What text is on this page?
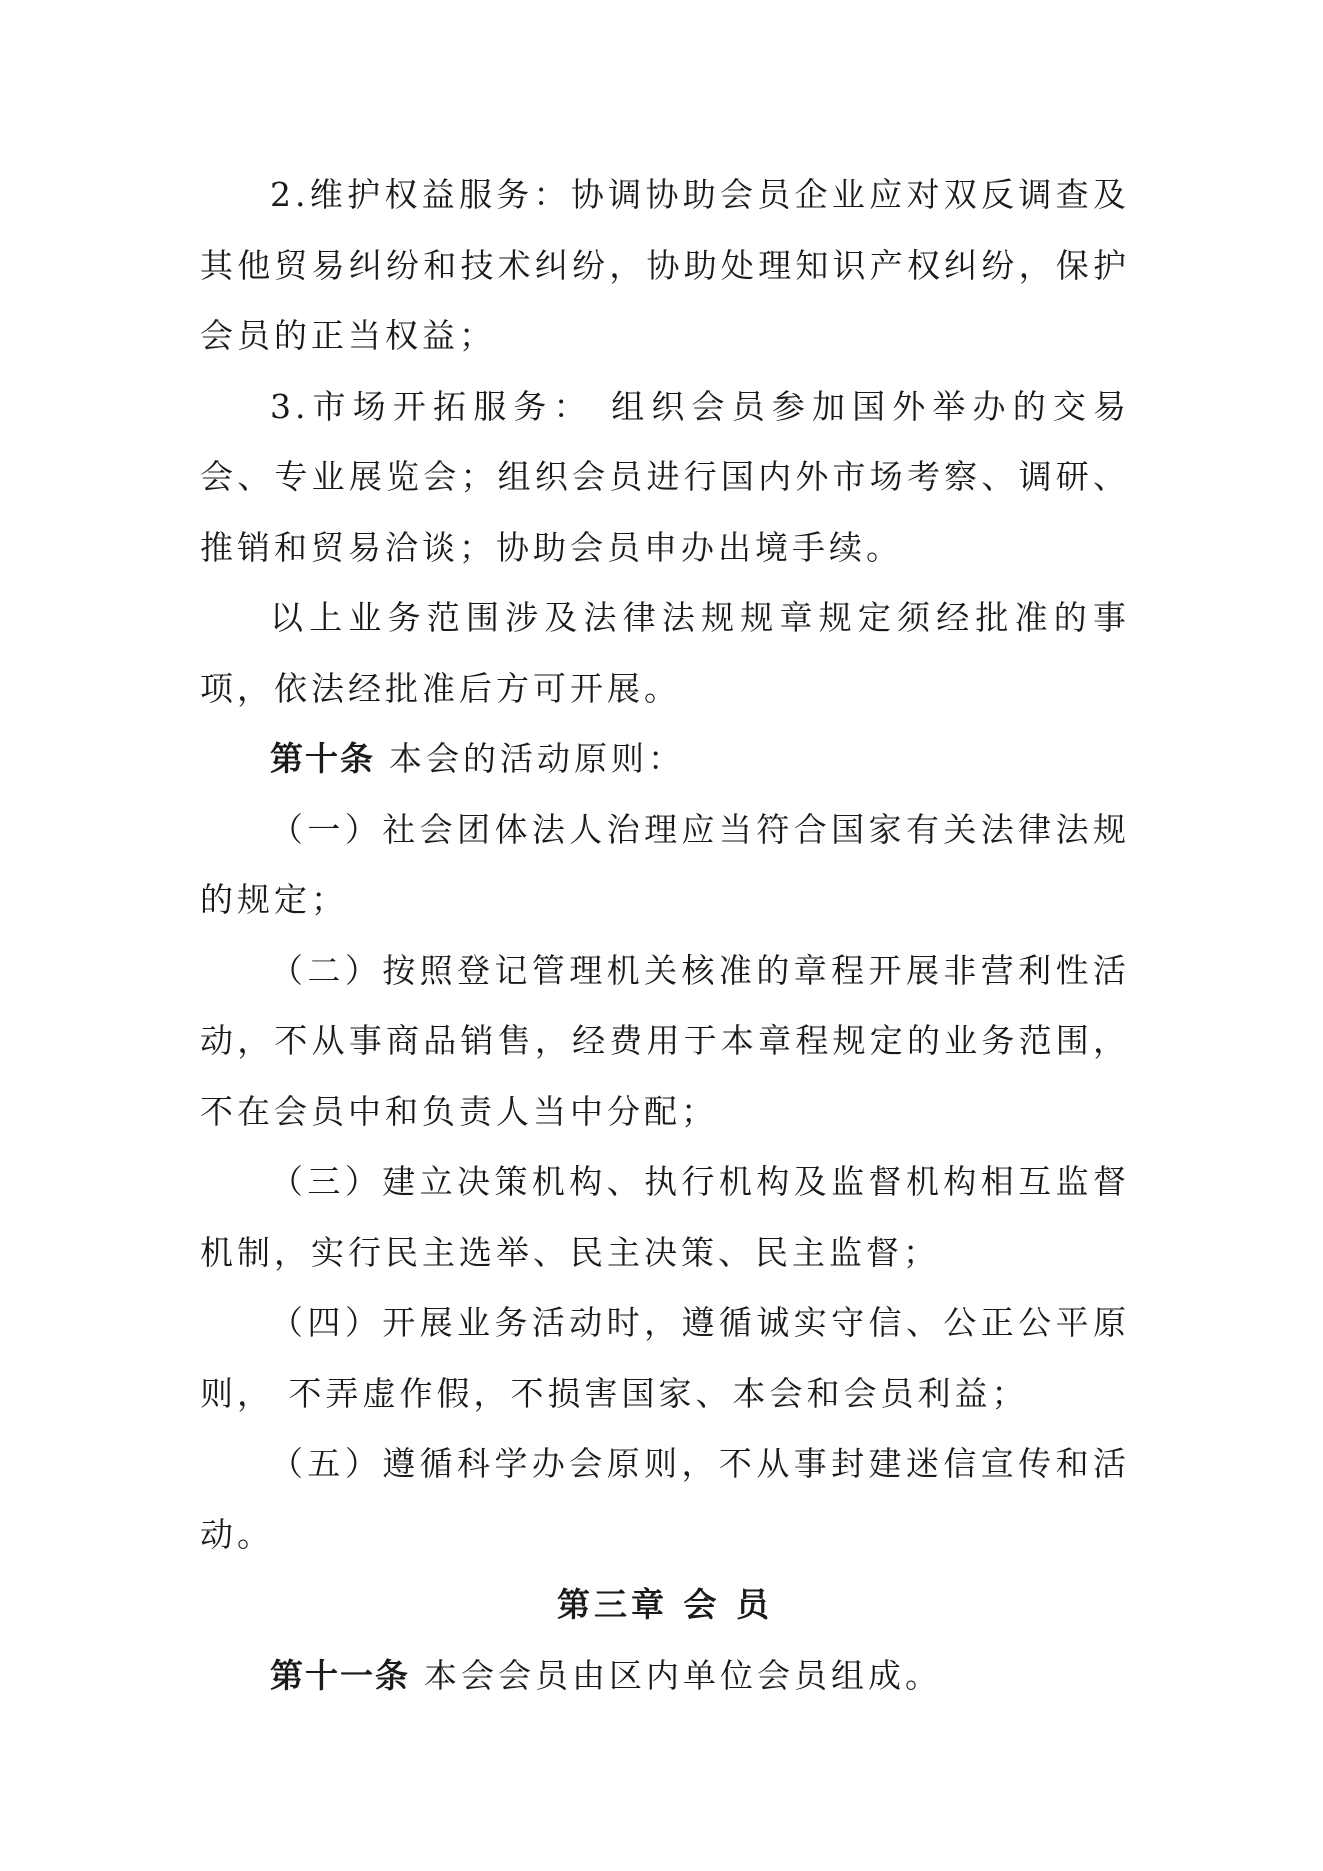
2.维护权益服务：协调协助会员企业应对双反调查及其他贸易纠纷和技术纠纷，协助处理知识产权纠纷，保护会员的正当权益；

3.市场开拓服务： 组织会员参加国外举办的交易会、专业展览会；组织会员进行国内外市场考察、调研、推销和贸易洽谈；协助会员申办出境手续。

以上业务范围涉及法律法规规章规定须经批准的事项，依法经批准后方可开展。

第十条 本会的活动原则：

（一）社会团体法人治理应当符合国家有关法律法规的规定；

（二）按照登记管理机关核准的章程开展非营利性活动，不从事商品销售，经费用于本章程规定的业务范围，不在会员中和负责人当中分配；

（三）建立决策机构、执行机构及监督机构相互监督机制，实行民主选举、民主决策、民主监督；

（四）开展业务活动时，遵循诚实守信、公正公平原则， 不弄虚作假，不损害国家、本会和会员利益；

（五）遵循科学办会原则，不从事封建迷信宣传和活动。

第三章 会 员

第十一条 本会会员由区内单位会员组成。
